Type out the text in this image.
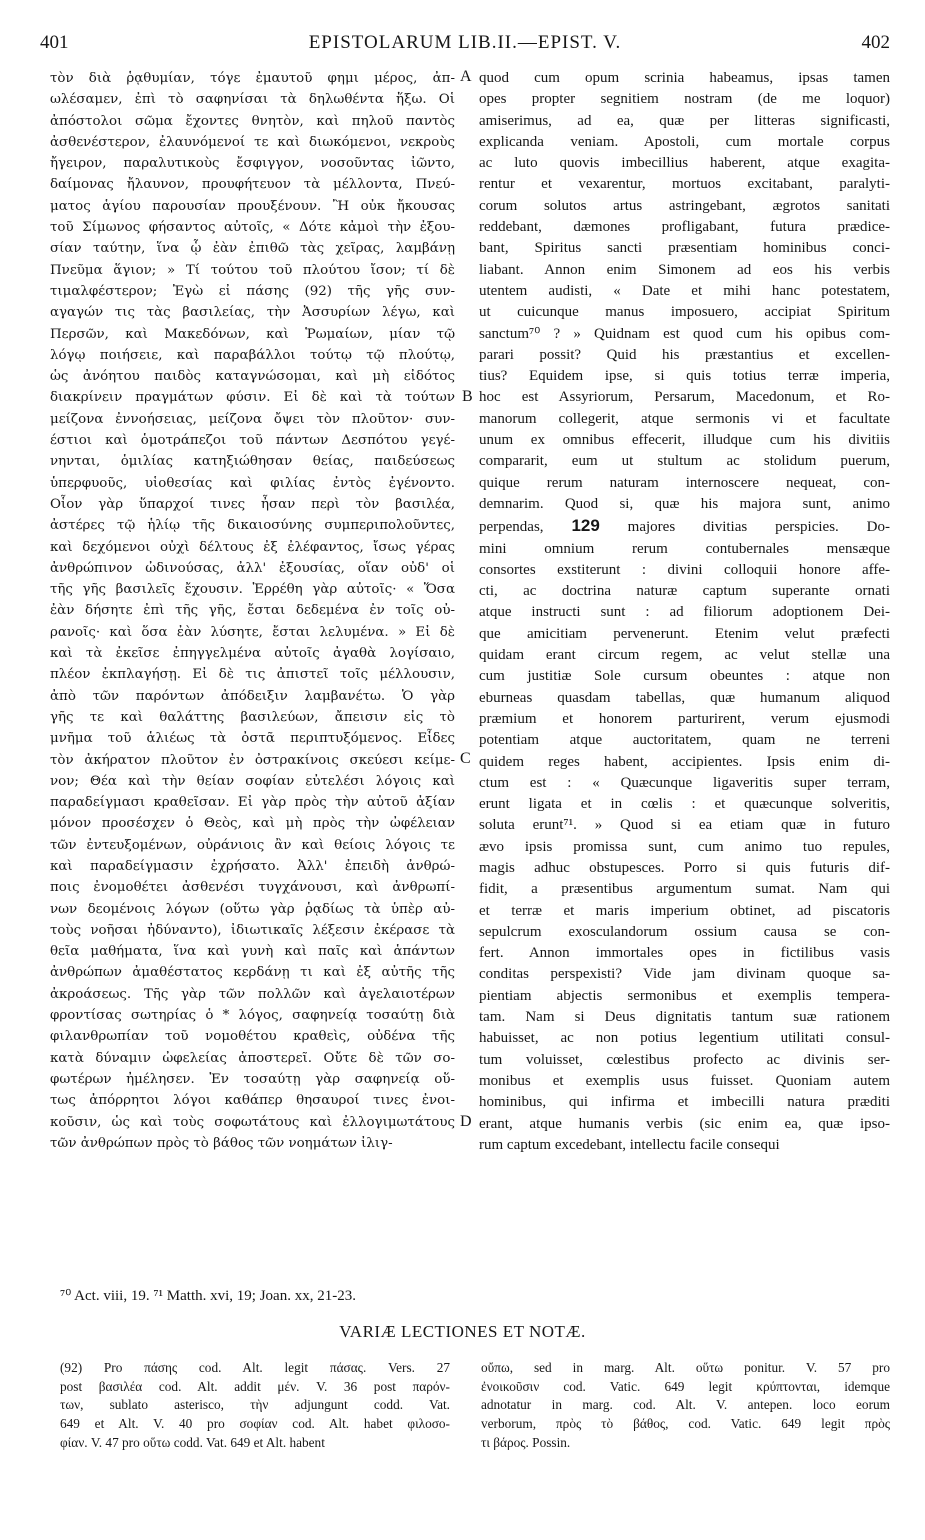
401	EPISTOLARUM LIB.II.—EPIST. V.	402
τὸν διὰ ῥᾳθυμίαν, τόγε ἐμαυτοῦ φημι μέρος, ἀπ-
ωλέσαμεν, ἐπὶ τὸ σαφηνίσαι τὰ δηλωθέντα ἥξω. Οἱ
ἀπόστολοι σῶμα ἔχοντες θνητὸν, καὶ πηλοῦ παντὸς
ἀσθενέστερον, ἐλαυνόμενοί τε καὶ διωκόμενοι, νεκροὺς
ἤγειρον, παραλυτικοὺς ἔσφιγγον, νοσοῦντας ἰῶντο,
δαίμονας ἤλαυνον, προυφήτευον τὰ μέλλοντα, Πνεύ-
ματος ἁγίου παρουσίαν προυξένουν. Ἢ οὐκ ἤκουσας
τοῦ Σίμωνος φήσαντος αὐτοῖς, « Δότε κἀμοὶ τὴν ἐξου-
σίαν ταύτην, ἵνα ᾧ ἐὰν ἐπιθῶ τὰς χεῖρας, λαμβάνῃ
Πνεῦμα ἅγιον; » Τί τούτου τοῦ πλούτου ἴσον; τί δὲ
τιμαλφέστερον; Ἐγὼ εἰ πάσης (92) τῆς γῆς συν-
αγαγών τις τὰς βασιλείας, τὴν Ἀσσυρίων λέγω, καὶ
Περσῶν, καὶ Μακεδόνων, καὶ Ῥωμαίων, μίαν τῷ
λόγῳ ποιήσειε, καὶ παραβάλλοι τούτῳ τῷ πλούτῳ,
ὡς ἀνόητου παιδὸς καταγνώσομαι, καὶ μὴ εἰδότος
διακρίνειν πραγμάτων φύσιν. Εἰ δὲ καὶ τὰ τούτων
μείζονα ἐννοήσειας, μείζονα ὄψει τὸν πλοῦτον· συν-
έστιοι καὶ ὁμοτράπεζοι τοῦ πάντων Δεσπότου γεγέ-
νηνται, ὁμιλίας κατηξιώθησαν θείας, παιδεύσεως
ὑπερφυοῦς, υἱοθεσίας καὶ φιλίας ἐντὸς ἐγένοντο.
Οἷον γὰρ ὕπαρχοί τινες ἦσαν περὶ τὸν βασιλέα,
ἀστέρες τῷ ἡλίῳ τῆς δικαιοσύνης συμπεριπολοῦντες,
καὶ δεχόμενοι οὐχὶ δέλτους ἐξ ἐλέφαντος, ἴσως γέρας
ἀνθρώπινον ὠδινούσας, ἀλλ' ἐξουσίας, οἵαν οὐδ' οἱ
τῆς γῆς βασιλεῖς ἔχουσιν. Ἐρρέθη γὰρ αὐτοῖς· « Ὅσα
ἐὰν δήσητε ἐπὶ τῆς γῆς, ἔσται δεδεμένα ἐν τοῖς οὐ-
ρανοῖς· καὶ ὅσα ἐὰν λύσητε, ἔσται λελυμένα. » Εἰ δὲ
καὶ τὰ ἐκεῖσε ἐπηγγελμένα αὐτοῖς ἀγαθὰ λογίσαιο,
πλέον ἐκπλαγήσῃ. Εἰ δὲ τις ἀπιστεῖ τοῖς μέλλουσιν,
ἀπὸ τῶν παρόντων ἀπόδειξιν λαμβανέτω. Ὁ γὰρ
γῆς τε καὶ θαλάττης βασιλεύων, ἄπεισιν εἰς τὸ
μνῆμα τοῦ ἁλιέως τὰ ὀστᾶ περιπτυξόμενος. Εἶδες
τὸν ἀκήρατον πλοῦτον ἐν ὀστρακίνοις σκεύεσι κείμε-
νον; Θέα καὶ τὴν θείαν σοφίαν εὐτελέσι λόγοις καὶ
παραδείγμασι κραθεῖσαν. Εἰ γὰρ πρὸς τὴν αὐτοῦ ἀξίαν
μόνον προσέσχεν ὁ Θεὸς, καὶ μὴ πρὸς τὴν ὠφέλειαν
τῶν ἐντευξομένων, οὐράνιοις ἂν καὶ θείοις λόγοις τε
καὶ παραδείγμασιν ἐχρήσατο. Ἀλλ' ἐπειδὴ ἀνθρώ-
ποις ἐνομοθέτει ἀσθενέσι τυγχάνουσι, καὶ ἀνθρωπί-
νων δεομένοις λόγων (οὕτω γὰρ ῥᾳδίως τὰ ὑπὲρ αὐ-
τοὺς νοῆσαι ἠδύναντο), ἰδιωτικαῖς λέξεσιν ἐκέρασε τὰ
θεῖα μαθήματα, ἵνα καὶ γυνὴ καὶ παῖς καὶ ἁπάντων
ἀνθρώπων ἀμαθέστατος κερδάνῃ τι καὶ ἐξ αὐτῆς τῆς
ἀκροάσεως. Τῆς γὰρ τῶν πολλῶν καὶ ἀγελαιοτέρων
φροντίσας σωτηρίας ὁ * λόγος, σαφηνείᾳ τοσαύτῃ διὰ
φιλανθρωπίαν τοῦ νομοθέτου κραθεὶς, οὐδένα τῆς
κατὰ δύναμιν ὠφελείας ἀποστερεῖ. Οὔτε δὲ τῶν σο-
φωτέρων ἠμέλησεν. Ἐν τοσαύτῃ γὰρ σαφηνείᾳ οὕ-
τως ἀπόρρητοι λόγοι καθάπερ θησαυροί τινες ἐνοι-
κοῦσιν, ὡς καὶ τοὺς σοφωτάτους καὶ ἐλλογιμωτάτους
τῶν ἀνθρώπων πρὸς τὸ βάθος τῶν νοημάτων ἰλιγ-
quod cum opum scrinia habeamus, ipsas tamen
opes propter segnitiem nostram (de me loquor)
amiserimus, ad ea, quæ per litteras significasti,
explicanda veniam. Apostoli, cum mortale corpus
ac luto quovis imbecillius haberent, atque exagita-
rentur et vexarentur, mortuos excitabant, paralyti-
corum solutos artus astringebant, ægrotos sanitati
reddebant, dæmones profligabant, futura prædice-
bant, Spiritus sancti præsentiam hominibus conci-
liabant. Annon enim Simonem ad eos his verbis
utentem audisti, « Date et mihi hanc potestatem,
ut cuicunque manus imposuero, accipiat Spiritum
sanctum⁷⁰ ? » Quidnam est quod cum his opibus com-
parari possit? Quid his præstantius et excellen-
tius? Equidem ipse, si quis totius terræ imperia,
hoc est Assyriorum, Persarum, Macedonum, et Ro-
manorum collegerit, atque sermonis vi et facultate
unum ex omnibus effecerit, illudque cum his divitiis
compararit, eum ut stultum ac stolidum puerum,
quique rerum naturam internoscere nequeat, con-
demnarim. Quod si, quæ his majora sunt, animo
perpendas, 129 majores divitias perspicies. Do-
mini omnium rerum contubernales mensæque
consortes exstiterunt : divini colloquii honore affe-
cti, ac doctrina naturæ captum superante ornati
atque instructi sunt : ad filiorum adoptionem Dei-
que amicitiam pervenerunt. Etenim velut præfecti
quidam erant circum regem, ac velut stellæ una
cum justitiæ Sole cursum obeuntes : atque non
eburneas quasdam tabellas, quæ humanum aliquod
præmium et honorem parturirent, verum ejusmodi
potentiam atque auctoritatem, quam ne terreni
quidem reges habent, accipientes. Ipsis enim di-
ctum est : « Quæcunque ligaveritis super terram,
erunt ligata et in cœlis : et quæcunque solveritis,
soluta erunt⁷¹. » Quod si ea etiam quæ in futuro
ævo ipsis promissa sunt, cum animo tuo repules,
magis adhuc obstupesces. Porro si quis futuris dif-
fidit, a præsentibus argumentum sumat. Nam qui
et terræ et maris imperium obtinet, ad piscatoris
sepulcrum exosculandorum ossium causa se con-
fert. Annon immortales opes in fictilibus vasis
conditas perspexisti? Vide jam divinam quoque sa-
pientiam abjectis sermonibus et exemplis tempera-
tam. Nam si Deus dignitatis tantum suæ rationem
habuisset, ac non potius legentium utilitati consul-
tum voluisset, cœlestibus profecto ac divinis ser-
monibus et exemplis usus fuisset. Quoniam autem
hominibus, qui infirma et imbecilli natura præditi
erant, atque humanis verbis (sic enim ea, quæ ipso-
rum captum excedebant, intellectu facile consequi
A
B
C
D
⁷⁰ Act. viii, 19. ⁷¹ Matth. xvi, 19; Joan. xx, 21-23.
VARIÆ LECTIONES ET NOTÆ.
(92) Pro πάσης cod. Alt. legit πάσας. Vers. 27
post βασιλέα cod. Alt. addit μέν. V. 36 post παρόν-
των, sublato asterisco, τὴν adjungunt codd. Vat.
649 et Alt. V. 40 pro σοφίαν cod. Alt. habet φιλοσο-
φίαν. V. 47 pro οὕτω codd. Vat. 649 et Alt. habent
οὔπω, sed in marg. Alt. οὕτω ponitur. V. 57 pro
ἐνοικοῦσιν cod. Vatic. 649 legit κρύπτονται, idemque
adnotatur in marg. cod. Alt. V. antepen. loco eorum
verborum, πρὸς τὸ βάθος, cod. Vatic. 649 legit πρὸς
τι βάρος. Possin.
